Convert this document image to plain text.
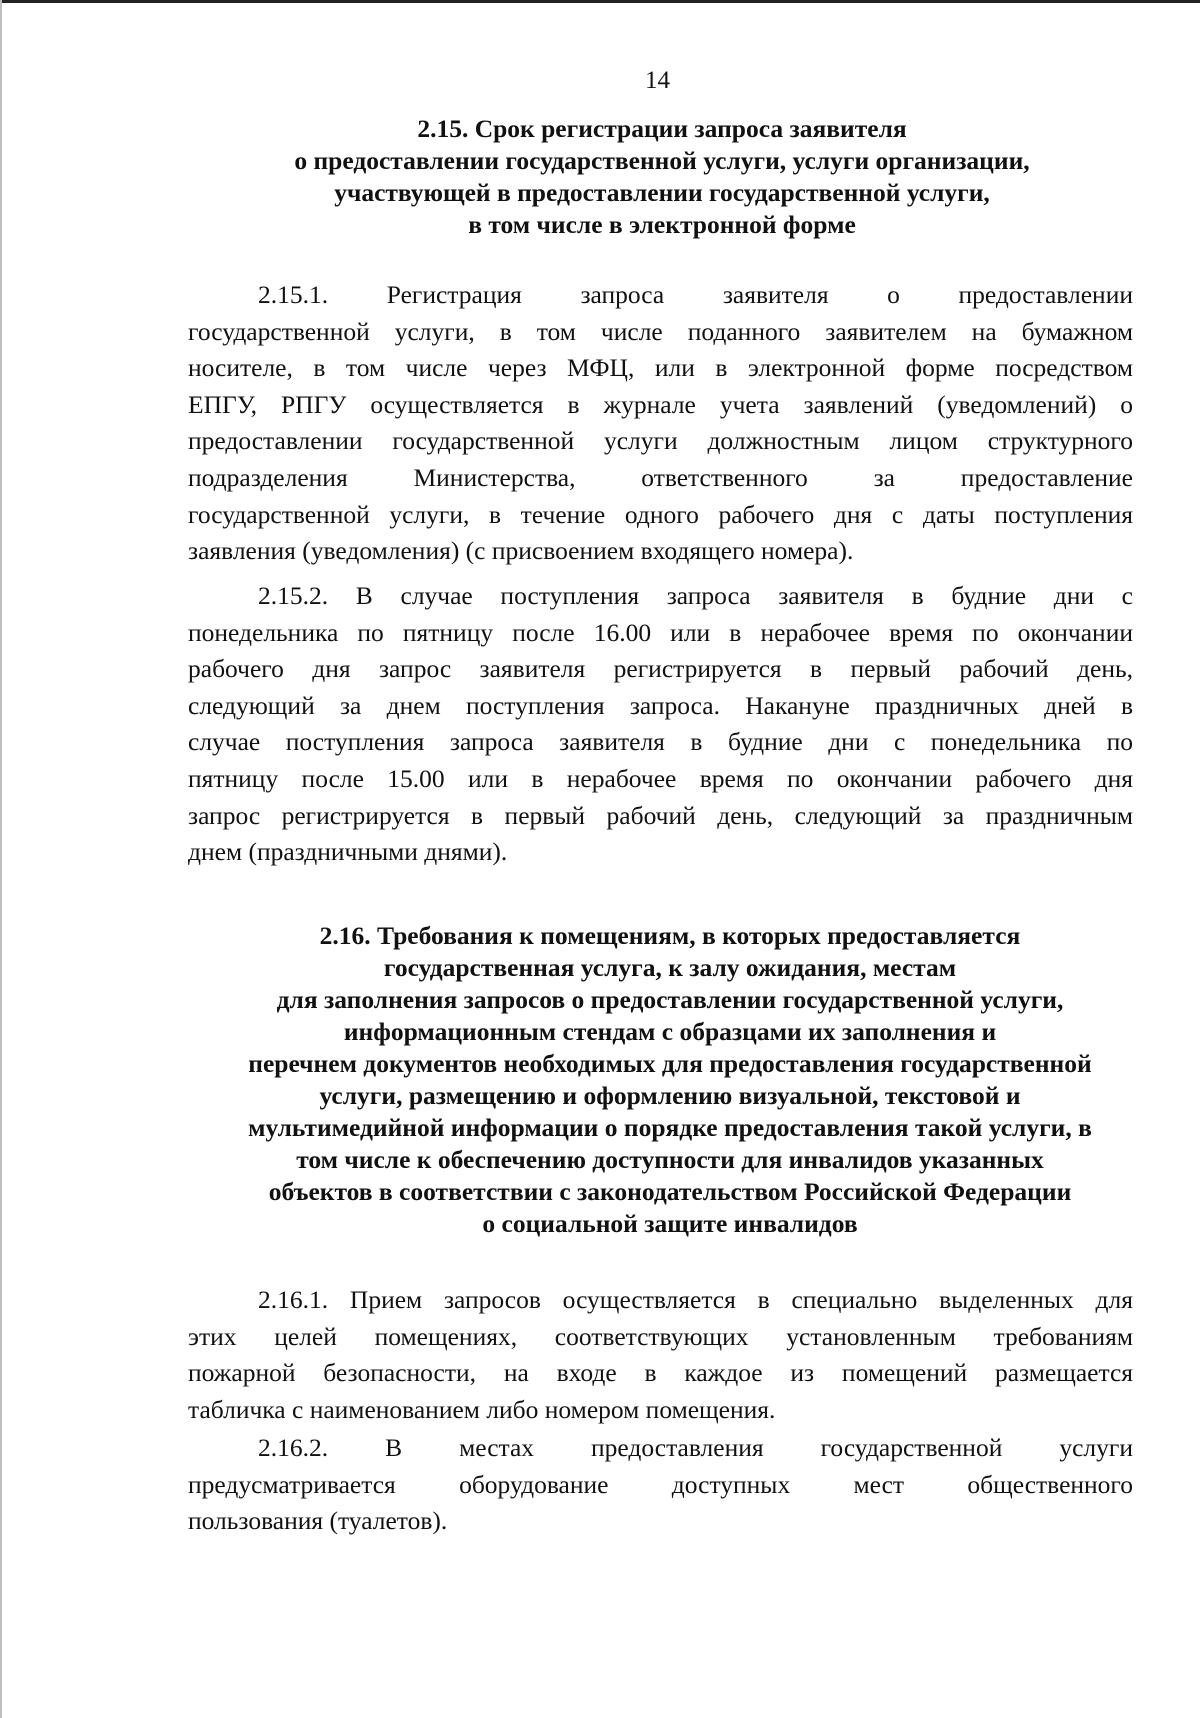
14
2.15. Срок регистрации запроса заявителя
о предоставлении государственной услуги, услуги организации,
участвующей в предоставлении государственной услуги,
в том числе в электронной форме
2.15.1. Регистрация запроса заявителя о предоставлении
государственной услуги, в том числе поданного заявителем на бумажном
носителе, в том числе через МФЦ, или в электронной форме посредством
ЕПГУ, РПГУ осуществляется в журнале учета заявлений (уведомлений) о
предоставлении государственной услуги должностным лицом структурного
подразделения Министерства, ответственного за предоставление
государственной услуги, в течение одного рабочего дня с даты поступления
заявления (уведомления) (с присвоением входящего номера).
2.15.2. В случае поступления запроса заявителя в будние дни с
понедельника по пятницу после 16.00 или в нерабочее время по окончании
рабочего дня запрос заявителя регистрируется в первый рабочий день,
следующий за днем поступления запроса. Накануне праздничных дней в
случае поступления запроса заявителя в будние дни с понедельника по
пятницу после 15.00 или в нерабочее время по окончании рабочего дня
запрос регистрируется в первый рабочий день, следующий за праздничным
днем (праздничными днями).
2.16. Требования к помещениям, в которых предоставляется
государственная услуга, к залу ожидания, местам
для заполнения запросов о предоставлении государственной услуги,
информационным стендам с образцами их заполнения и
перечнем документов необходимых для предоставления государственной
услуги, размещению и оформлению визуальной, текстовой и
мультимедийной информации о порядке предоставления такой услуги, в
том числе к обеспечению доступности для инвалидов указанных
объектов в соответствии с законодательством Российской Федерации
о социальной защите инвалидов
2.16.1. Прием запросов осуществляется в специально выделенных для
этих целей помещениях, соответствующих установленным требованиям
пожарной безопасности, на входе в каждое из помещений размещается
табличка с наименованием либо номером помещения.
2.16.2. В местах предоставления государственной услуги
предусматривается оборудование доступных мест общественного
пользования (туалетов).
